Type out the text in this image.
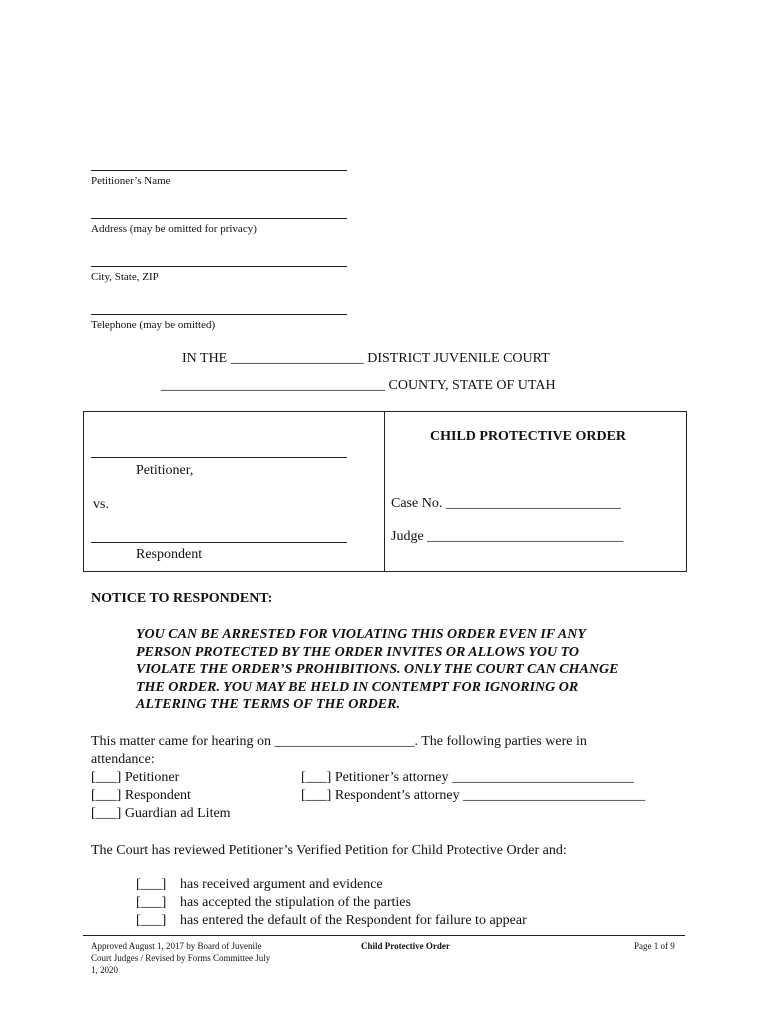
Petitioner’s Name
Address (may be omitted for privacy)
City, State, ZIP
Telephone (may be omitted)
IN THE ___________________ DISTRICT JUVENILE COURT
________________________________ COUNTY, STATE OF UTAH
Petitioner,
vs.
Respondent
CHILD PROTECTIVE ORDER
Case No. _________________________
Judge ____________________________
NOTICE TO RESPONDENT:
YOU CAN BE ARRESTED FOR VIOLATING THIS ORDER EVEN IF ANY
PERSON PROTECTED BY THE ORDER INVITES OR ALLOWS YOU TO
VIOLATE THE ORDER’S PROHIBITIONS. ONLY THE COURT CAN CHANGE
THE ORDER. YOU MAY BE HELD IN CONTEMPT FOR IGNORING OR
ALTERING THE TERMS OF THE ORDER.
This matter came for hearing on ____________________. The following parties were in
attendance:
[___] Petitioner
[___] Respondent
[___] Guardian ad Litem
[___] Petitioner’s attorney __________________________
[___] Respondent’s attorney __________________________
The Court has reviewed Petitioner’s Verified Petition for Child Protective Order and:
[___] has received argument and evidence
[___] has accepted the stipulation of the parties
[___] has entered the default of the Respondent for failure to appear
Approved August 1, 2017 by Board of Juvenile
Court Judges / Revised by Forms Committee July
1, 2020
Child Protective Order	Page 1 of 9
